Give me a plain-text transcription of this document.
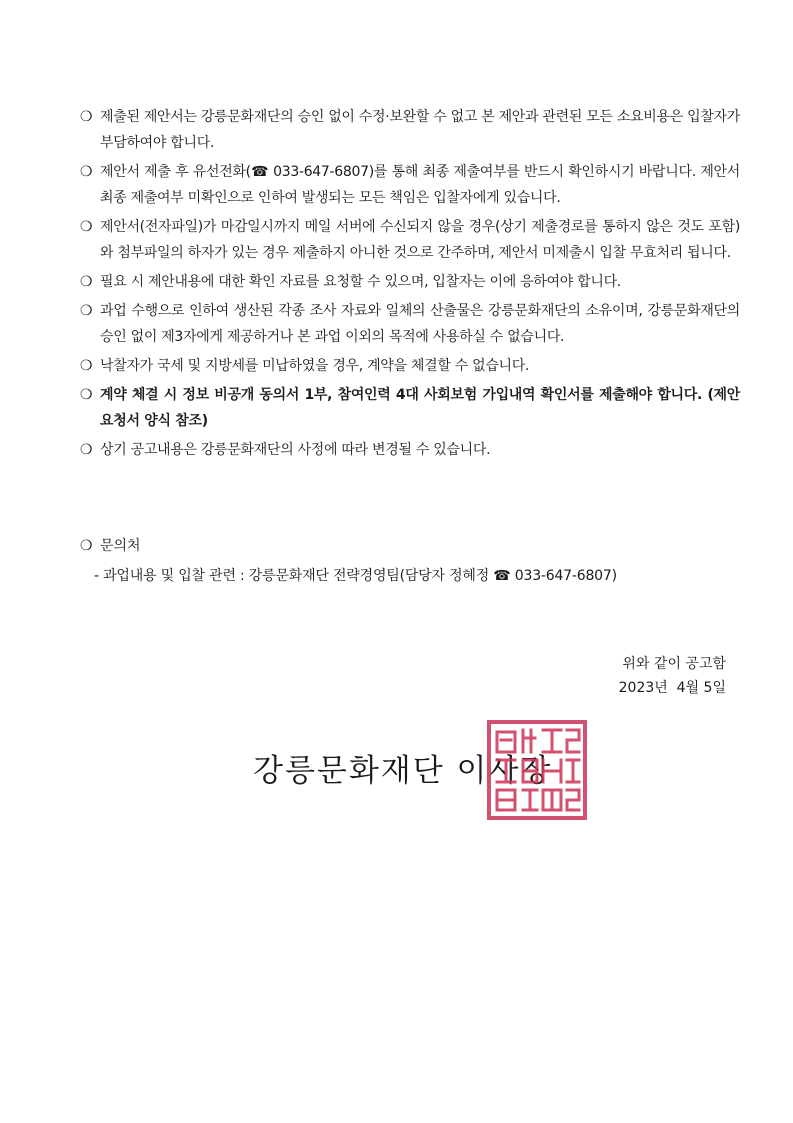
❍ 제출된 제안서는 강릉문화재단의 승인 없이 수정·보완할 수 없고 본 제안과 관련된 모든 소요비용은 입찰자가 부담하여야 합니다.
❍ 제안서 제출 후 유선전화(☎ 033-647-6807)를 통해 최종 제출여부를 반드시 확인하시기 바랍니다. 제안서 최종 제출여부 미확인으로 인하여 발생되는 모든 책임은 입찰자에게 있습니다.
❍ 제안서(전자파일)가 마감일시까지 메일 서버에 수신되지 않을 경우(상기 제출경로를 통하지 않은 것도 포함)와 첨부파일의 하자가 있는 경우 제출하지 아니한 것으로 간주하며, 제안서 미제출시 입찰 무효처리 됩니다.
❍ 필요 시 제안내용에 대한 확인 자료를 요청할 수 있으며, 입찰자는 이에 응하여야 합니다.
❍ 과업 수행으로 인하여 생산된 각종 조사 자료와 일체의 산출물은 강릉문화재단의 소유이며, 강릉문화재단의 승인 없이 제3자에게 제공하거나 본 과업 이외의 목적에 사용하실 수 없습니다.
❍ 낙찰자가 국세 및 지방세를 미납하였을 경우, 계약을 체결할 수 없습니다.
❍ 계약 체결 시 정보 비공개 동의서 1부, 참여인력 4대 사회보험 가입내역 확인서를 제출해야 합니다. (제안요청서 양식 참조)
❍ 상기 공고내용은 강릉문화재단의 사정에 따라 변경될 수 있습니다.
❍ 문의처
- 과업내용 및 입찰 관련 : 강릉문화재단 전략경영팀(담당자 정혜정 ☎ 033-647-6807)
위와 같이 공고함
2023년  4월 5일
강릉문화재단 이사장
